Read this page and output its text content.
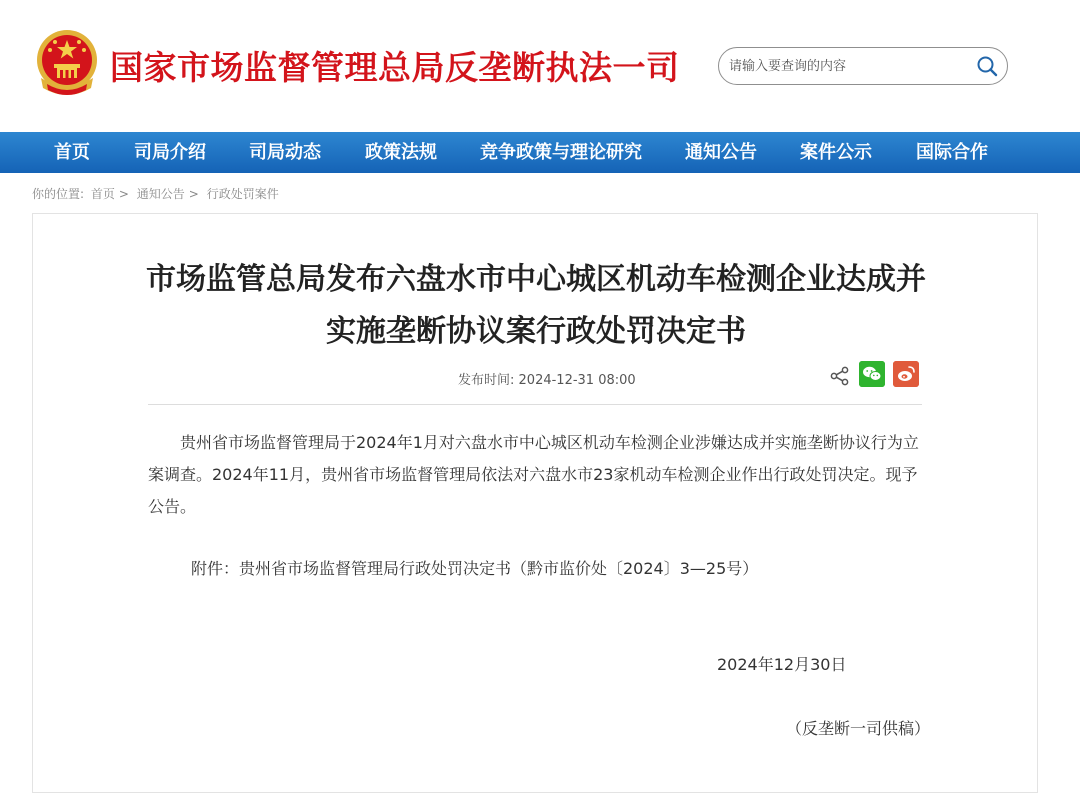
国家市场监督管理总局反垄断执法一司
请输入要查询的内容
首页 司局介绍 司局动态 政策法规 竞争政策与理论研究 通知公告 案件公示 国际合作
你的位置: 首页 > 通知公告 > 行政处罚案件
市场监管总局发布六盘水市中心城区机动车检测企业达成并
实施垄断协议案行政处罚决定书
发布时间: 2024-12-31 08:00
贵州省市场监督管理局于2024年1月对六盘水市中心城区机动车检测企业涉嫌达成并实施垄断协议行为立案调查。2024年11月，贵州省市场监督管理局依法对六盘水市23家机动车检测企业作出行政处罚决定。现予公告。
附件：贵州省市场监督管理局行政处罚决定书（黔市监价处〔2024〕3—25号）
2024年12月30日
（反垄断一司供稿）
